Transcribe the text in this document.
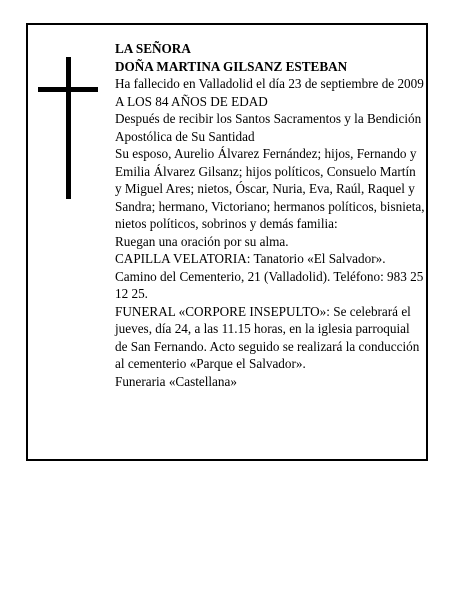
LA SEÑORA

DOÑA MARTINA GILSANZ ESTEBAN

Ha fallecido en Valladolid el día 23 de septiembre de 2009

A LOS 84 AÑOS DE EDAD

Después de recibir los Santos Sacramentos y la Bendición Apostólica de Su Santidad

Su esposo, Aurelio Álvarez Fernández; hijos, Fernando y Emilia Álvarez Gilsanz; hijos políticos, Consuelo Martín y Miguel Ares; nietos, Óscar, Nuria, Eva, Raúl, Raquel y Sandra; hermano, Victoriano; hermanos políticos, bisnieta, nietos políticos, sobrinos y demás familia:

Ruegan una oración por su alma.

CAPILLA VELATORIA: Tanatorio «El Salvador». Camino del Cementerio, 21 (Valladolid). Teléfono: 983 25 12 25.

FUNERAL «CORPORE INSEPULTO»: Se celebrará el jueves, día 24, a las 11.15 horas, en la iglesia parroquial de San Fernando. Acto seguido se realizará la conducción al cementerio «Parque el Salvador».

Funeraria «Castellana»
